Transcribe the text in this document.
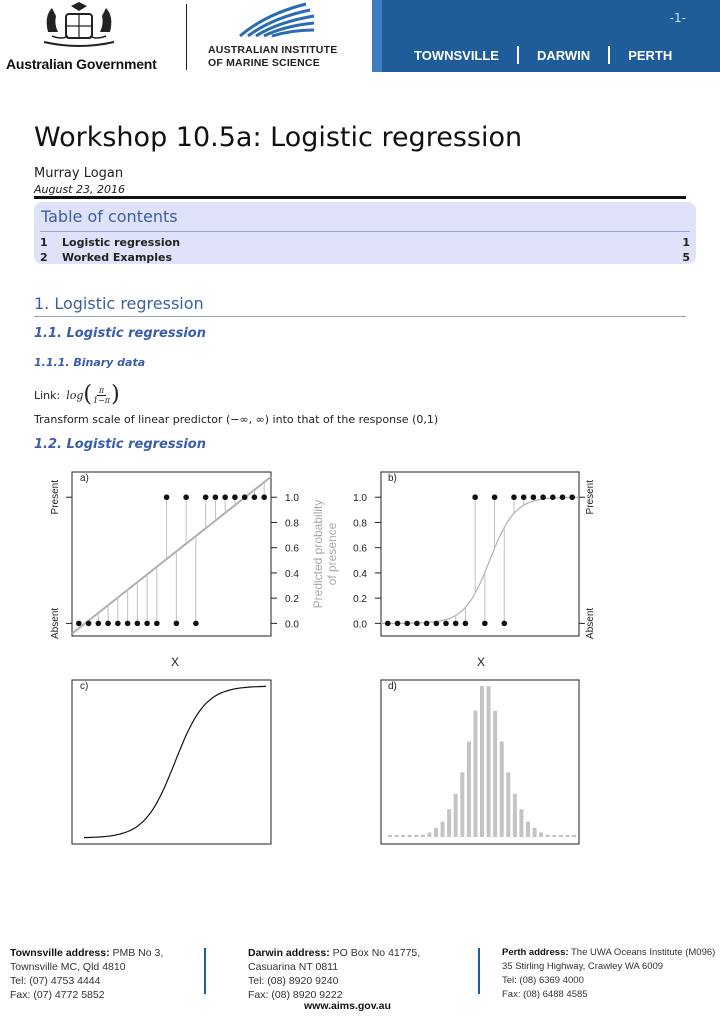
Australian Government
AUSTRALIAN INSTITUTE
OF MARINE SCIENCE
-1-
TOWNSVILLE	DARWIN	PERTH
Workshop 10.5a: Logistic regression
Murray Logan
August 23, 2016
Table of contents
1 Logistic regression	1
2 Worked Examples	5
1. Logistic regression
1.1. Logistic regression
1.1.1. Binary data
Link: log ( $\frac{\pi}{1-\pi}$ )
Transform scale of linear predictor (−∞, ∞) into that of the response (0,1)
1.2. Logistic regression
a)	b)
c)	d)
X	X
Predicted probability of presence
Absent
Present
0.0
0.2
0.4
0.6
0.8
1.0
Absent
Present
0.0
0.2
0.4
0.6
0.8
1.0
Townsville address: PMB No 3,
Townsville MC, Qld 4810
Tel: (07) 4753 4444
Fax: (07) 4772 5852
Darwin address: PO Box No 41775,
Casuarina NT 0811
Tel: (08) 8920 9240
Fax: (08) 8920 9222
Perth address: The UWA Oceans Institute (M096)
35 Stirling Highway, Crawley WA 6009
Tel: (08) 6369 4000
Fax: (08) 6488 4585
www.aims.gov.au
